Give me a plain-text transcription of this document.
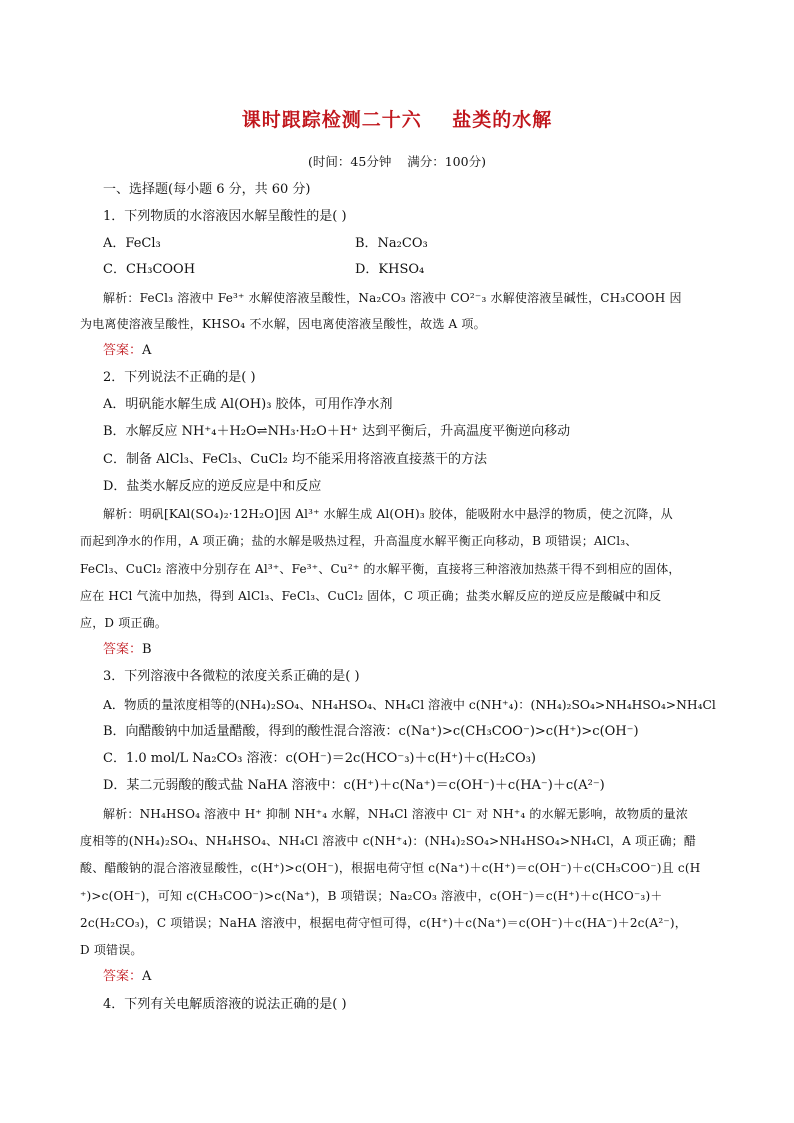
课时跟踪检测二十六    盐类的水解
(时间：45分钟    满分：100分)
一、选择题(每小题 6 分，共 60 分)
1．下列物质的水溶液因水解呈酸性的是( )
A．FeCl₃	B．Na₂CO₃
C．CH₃COOH	D．KHSO₄
解析：FeCl₃ 溶液中 Fe³⁺ 水解使溶液呈酸性，Na₂CO₃ 溶液中 CO²⁻₃ 水解使溶液呈碱性，CH₃COOH 因
为电离使溶液呈酸性，KHSO₄ 不水解，因电离使溶液呈酸性，故选 A 项。
答案：A
2．下列说法不正确的是( )
A．明矾能水解生成 Al(OH)₃ 胶体，可用作净水剂
B．水解反应 NH⁺₄＋H₂O⇌NH₃·H₂O＋H⁺ 达到平衡后，升高温度平衡逆向移动
C．制备 AlCl₃、FeCl₃、CuCl₂ 均不能采用将溶液直接蒸干的方法
D．盐类水解反应的逆反应是中和反应
解析：明矾[KAl(SO₄)₂·12H₂O]因 Al³⁺ 水解生成 Al(OH)₃ 胶体，能吸附水中悬浮的物质，使之沉降，从
而起到净水的作用，A 项正确；盐的水解是吸热过程，升高温度水解平衡正向移动，B 项错误；AlCl₃、
FeCl₃、CuCl₂ 溶液中分别存在 Al³⁺、Fe³⁺、Cu²⁺ 的水解平衡，直接将三种溶液加热蒸干得不到相应的固体，
应在 HCl 气流中加热，得到 AlCl₃、FeCl₃、CuCl₂ 固体，C 项正确；盐类水解反应的逆反应是酸碱中和反
应，D 项正确。
答案：B
3．下列溶液中各微粒的浓度关系正确的是( )
A．物质的量浓度相等的(NH₄)₂SO₄、NH₄HSO₄、NH₄Cl 溶液中 c(NH⁺₄)：(NH₄)₂SO₄>NH₄HSO₄>NH₄Cl
B．向醋酸钠中加适量醋酸，得到的酸性混合溶液：c(Na⁺)>c(CH₃COO⁻)>c(H⁺)>c(OH⁻)
C．1.0 mol/L Na₂CO₃ 溶液：c(OH⁻)＝2c(HCO⁻₃)＋c(H⁺)＋c(H₂CO₃)
D．某二元弱酸的酸式盐 NaHA 溶液中：c(H⁺)＋c(Na⁺)＝c(OH⁻)＋c(HA⁻)＋c(A²⁻)
解析：NH₄HSO₄ 溶液中 H⁺ 抑制 NH⁺₄ 水解，NH₄Cl 溶液中 Cl⁻ 对 NH⁺₄ 的水解无影响，故物质的量浓
度相等的(NH₄)₂SO₄、NH₄HSO₄、NH₄Cl 溶液中 c(NH⁺₄)：(NH₄)₂SO₄>NH₄HSO₄>NH₄Cl，A 项正确；醋
酸、醋酸钠的混合溶液显酸性，c(H⁺)>c(OH⁻)，根据电荷守恒 c(Na⁺)＋c(H⁺)＝c(OH⁻)＋c(CH₃COO⁻)且 c(H
⁺)>c(OH⁻)，可知 c(CH₃COO⁻)>c(Na⁺)，B 项错误；Na₂CO₃ 溶液中，c(OH⁻)＝c(H⁺)＋c(HCO⁻₃)＋
2c(H₂CO₃)，C 项错误；NaHA 溶液中，根据电荷守恒可得，c(H⁺)＋c(Na⁺)＝c(OH⁻)＋c(HA⁻)＋2c(A²⁻)，
D 项错误。
答案：A
4．下列有关电解质溶液的说法正确的是( )
